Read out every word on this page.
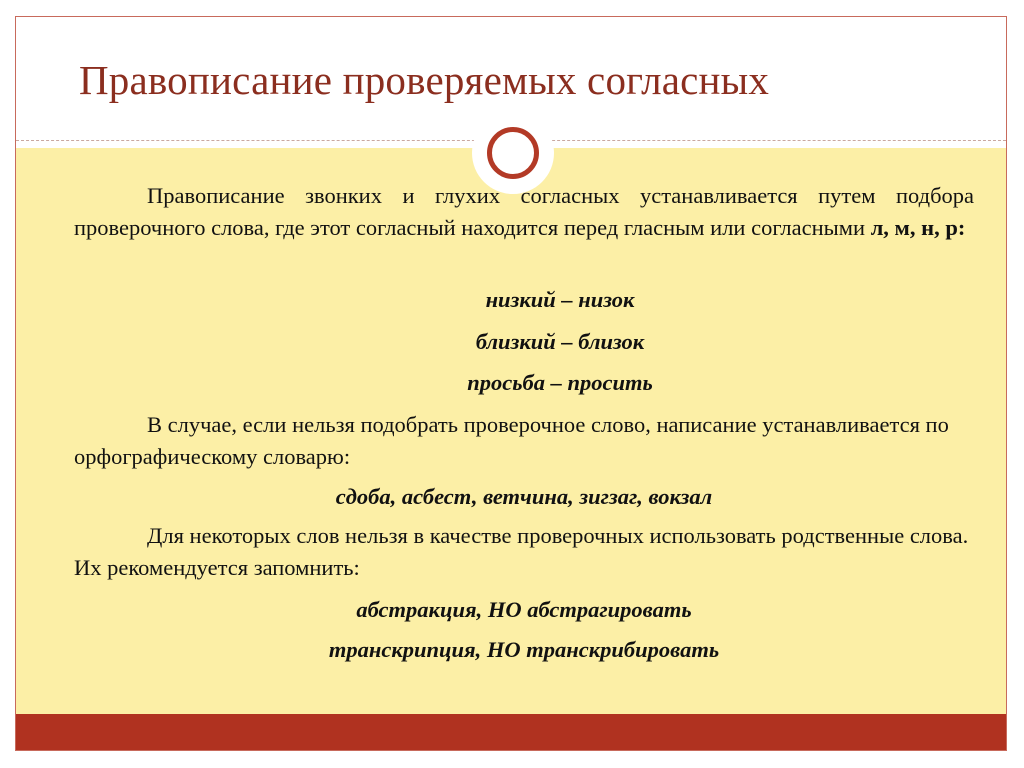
Правописание проверяемых согласных

Правописание звонких и глухих согласных устанавливается путем подбора проверочного слова, где этот согласный находится перед гласным или согласными л, м, н, р:

низкий – низок

близкий – близок

просьба – просить

В случае, если нельзя подобрать проверочное слово, написание устанавливается по орфографическому словарю:

сдоба, асбест, ветчина, зигзаг, вокзал

Для некоторых слов нельзя в качестве проверочных использовать родственные слова. Их рекомендуется запомнить:

абстракция, НО абстрагировать

транскрипция, НО транскрибировать
